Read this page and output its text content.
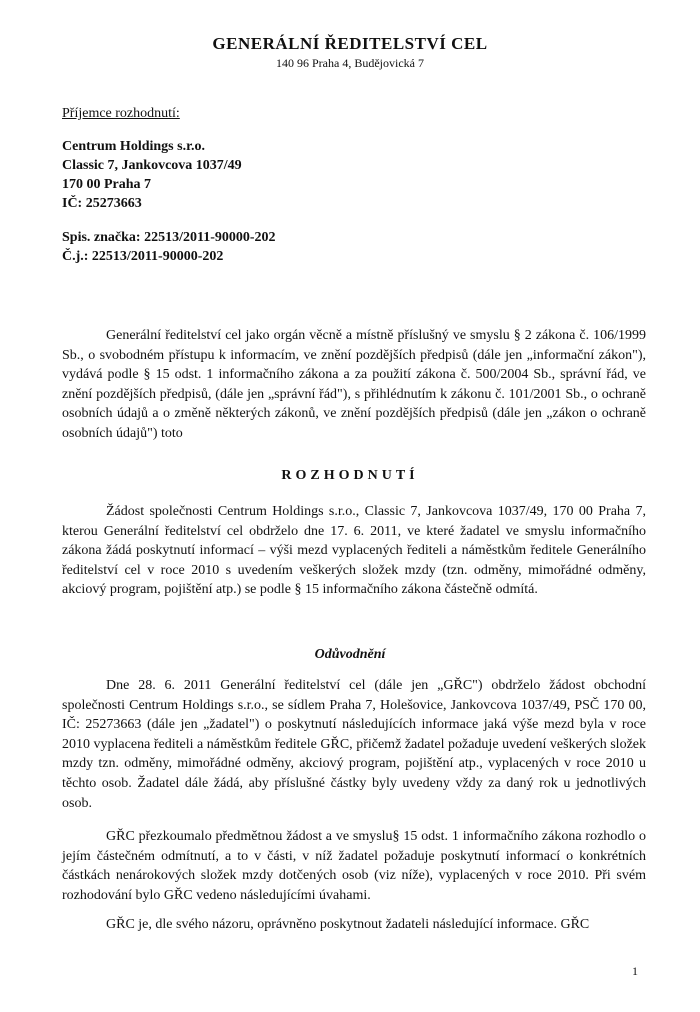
GENERÁLNÍ ŘEDITELSTVÍ CEL
140 96 Praha 4, Budějovická 7
Příjemce rozhodnutí:
Centrum Holdings s.r.o.
Classic 7, Jankovcova 1037/49
170 00 Praha 7
IČ: 25273663
Spis. značka: 22513/2011-90000-202
Č.j.: 22513/2011-90000-202

Generální ředitelství cel jako orgán věcně a místně příslušný ve smyslu § 2 zákona č. 106/1999 Sb., o svobodném přístupu k informacím, ve znění pozdějších předpisů (dále jen „informační zákon"), vydává podle § 15 odst. 1 informačního zákona a za použití zákona č. 500/2004 Sb., správní řád, ve znění pozdějších předpisů, (dále jen „správní řád"), s přihlédnutím k zákonu č. 101/2001 Sb., o ochraně osobních údajů a o změně některých zákonů, ve znění pozdějších předpisů (dále jen „zákon o ochraně osobních údajů") toto

ROZHODNUTÍ

Žádost společnosti Centrum Holdings s.r.o., Classic 7, Jankovcova 1037/49, 170 00 Praha 7, kterou Generální ředitelství cel obdrželo dne 17. 6. 2011, ve které žadatel ve smyslu informačního zákona žádá poskytnutí informací – výši mezd vyplacených řediteli a náměstkům ředitele Generálního ředitelství cel v roce 2010 s uvedením veškerých složek mzdy (tzn. odměny, mimořádné odměny, akciový program, pojištění atp.) se podle § 15 informačního zákona částečně odmítá.

Odůvodnění

Dne 28. 6. 2011 Generální ředitelství cel (dále jen „GŘC") obdrželo žádost obchodní společnosti Centrum Holdings s.r.o., se sídlem Praha 7, Holešovice, Jankovcova 1037/49, PSČ 170 00, IČ: 25273663 (dále jen „žadatel") o poskytnutí následujících informace jaká výše mezd byla v roce 2010 vyplacena řediteli a náměstkům ředitele GŘC, přičemž žadatel požaduje uvedení veškerých složek mzdy tzn. odměny, mimořádné odměny, akciový program, pojištění atp., vyplacených v roce 2010 u těchto osob. Žadatel dále žádá, aby příslušné částky byly uvedeny vždy za daný rok u jednotlivých osob.

GŘC přezkoumalo předmětnou žádost a ve smyslu§ 15 odst. 1 informačního zákona rozhodlo o jejím částečném odmítnutí, a to v části, v níž žadatel požaduje poskytnutí informací o konkrétních částkách nenárokových složek mzdy dotčených osob (viz níže), vyplacených v roce 2010. Při svém rozhodování bylo GŘC vedeno následujícími úvahami.

GŘC je, dle svého názoru, oprávněno poskytnout žadateli následující informace. GŘC

1
